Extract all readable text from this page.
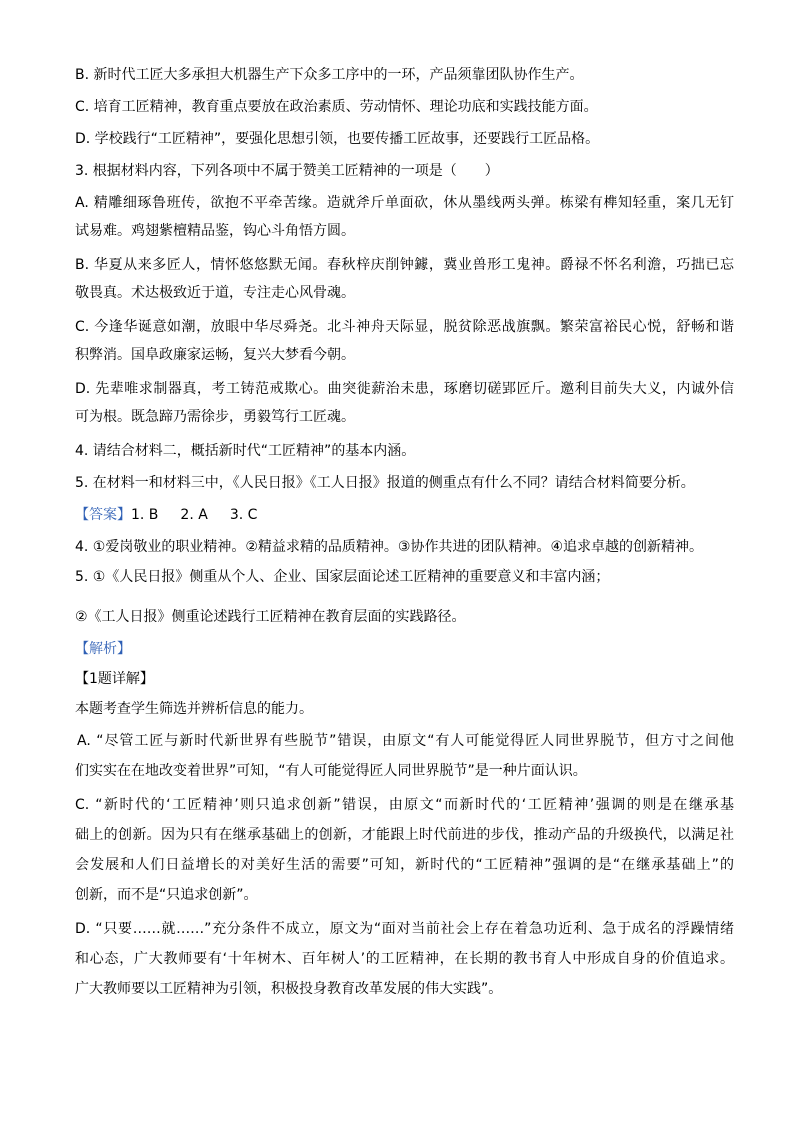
B. 新时代工匠大多承担大机器生产下众多工序中的一环，产品须靠团队协作生产。
C. 培育工匠精神，教育重点要放在政治素质、劳动情怀、理论功底和实践技能方面。
D. 学校践行“工匠精神”，要强化思想引领，也要传播工匠故事，还要践行工匠品格。
3. 根据材料内容，下列各项中不属于赞美工匠精神的一项是（　　）
A. 精雕细琢鲁班传，欲抱不平牵苦缘。造就斧斤单面砍，休从墨线两头弹。栋梁有榫知轻重，案几无钉
试易难。鸡翅紫檀精品鉴，钩心斗角悟方圆。
B. 华夏从来多匠人，情怀悠悠默无闻。春秋梓庆削钟鐻，冀业兽形工鬼神。爵禄不怀名利澹，巧拙已忘
敬畏真。术达极致近于道，专注走心风骨魂。
C. 今逢华诞意如潮，放眼中华尽舜尧。北斗神舟天际显，脱贫除恶战旗飘。繁荣富裕民心悦，舒畅和谐
积弊消。国阜政廉家运畅，复兴大梦看今朝。
D. 先辈唯求制器真，考工铸范戒欺心。曲突徙薪治未患，琢磨切磋郢匠斤。邀利目前失大义，内诚外信
可为根。既急蹄乃需徐步，勇毅笃行工匠魂。
4. 请结合材料二，概括新时代“工匠精神”的基本内涵。
5. 在材料一和材料三中，《人民日报》《工人日报》报道的侧重点有什么不同？请结合材料简要分析。
【答案】1. B 2. A 3. C
4. ①爱岗敬业的职业精神。②精益求精的品质精神。③协作共进的团队精神。④追求卓越的创新精神。
5. ①《人民日报》侧重从个人、企业、国家层面论述工匠精神的重要意义和丰富内涵；
②《工人日报》侧重论述践行工匠精神在教育层面的实践路径。
【解析】
【1题详解】
本题考查学生筛选并辨析信息的能力。
A. “尽管工匠与新时代新世界有些脱节”错误，由原文“有人可能觉得匠人同世界脱节，但方寸之间他
们实实在在地改变着世界”可知，“有人可能觉得匠人同世界脱节”是一种片面认识。
C. “新时代的‘工匠精神’则只追求创新”错误，由原文“而新时代的‘工匠精神’强调的则是在继承基
础上的创新。因为只有在继承基础上的创新，才能跟上时代前进的步伐，推动产品的升级换代，以满足社
会发展和人们日益增长的对美好生活的需要”可知，新时代的“工匠精神”强调的是“在继承基础上”的
创新，而不是“只追求创新”。
D. “只要……就……”充分条件不成立，原文为“面对当前社会上存在着急功近利、急于成名的浮躁情绪
和心态，广大教师要有‘十年树木、百年树人’的工匠精神，在长期的教书育人中形成自身的价值追求。
广大教师要以工匠精神为引领，积极投身教育改革发展的伟大实践”。
